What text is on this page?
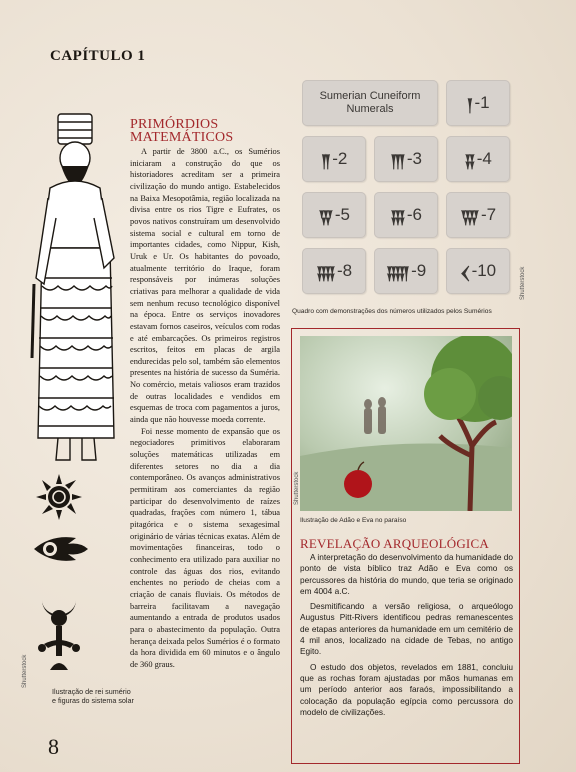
CAPÍTULO 1
Shutterstock
Ilustração de rei sumério e figuras do sistema solar
8
PRIMÓRDIOS
MATEMÁTICOS

A partir de 3800 a.C., os Sumérios iniciaram a construção do que os historiadores acreditam ser a primeira civilização do mundo antigo. Estabelecidos na Baixa Mesopotâmia, região localizada na divisa entre os rios Tigre e Eufrates, os povos nativos construíram um desenvolvido sistema social e cultural em torno de importantes cidades, como Nippur, Kish, Uruk e Ur. Os habitantes do povoado, atualmente território do Iraque, foram responsáveis por inúmeras soluções criativas para melhorar a qualidade de vida sem nenhum recuso tecnológico disponível na época. Entre os serviços inovadores estavam fornos caseiros, veículos com rodas e até embarcações. Os primeiros registros escritos, feitos em placas de argila endurecidas pelo sol, também são elementos presentes na história de sucesso da Suméria. No comércio, metais valiosos eram trazidos de outras localidades e vendidos em esquemas de troca com pagamentos a juros, ainda que não houvesse moeda corrente.

Foi nesse momento de expansão que os negociadores primitivos elaboraram soluções matemáticas utilizadas em diferentes setores no dia a dia contemporâneo. Os avanços administrativos permitiram aos comerciantes da região participar do desenvolvimento de raízes quadradas, frações com número 1, tábua pitagórica e o sistema sexagesimal originário de várias técnicas exatas. Além de movimentações financeiras, todo o conhecimento era utilizado para auxiliar no controle das águas dos rios, evitando enchentes no período de cheias com a criação de canais fluviais. Os métodos de barreira facilitavam a navegação aumentando a entrada de produtos usados para o abastecimento da população. Outra herança deixada pelos Sumérios é o formato da hora dividida em 60 minutos e o ângulo de 360 graus.

Sumerian Cuneiform
Numerals	𒁹 -1
𒈫 -2	𒐈 -3 𒐉 -4
𒐊 -5 𒐋 -6 𒐌 -7
𒐍 -8 𒐎 -9 𒌋 -10	Shutterstock
Quadro com demonstrações dos números utilizados pelos Sumérios
Shutterstock
Ilustração de Adão e Eva no paraíso
REVELAÇÃO ARQUEOLÓGICA

A interpretação do desenvolvimento da humanidade do ponto de vista bíblico traz Adão e Eva como os percussores da história do mundo, que teria se originado em 4004 a.C.

Desmitificando a versão religiosa, o arqueólogo Augustus Pitt-Rivers identificou pedras remanescentes de etapas anteriores da humanidade em um cemitério de 4 mil anos, localizado na cidade de Tebas, no antigo Egito.

O estudo dos objetos, revelados em 1881, concluiu que as rochas foram ajustadas por mãos humanas em um período anterior aos faraós, impossibilitando a colocação da população egípcia como percussora do modelo de civilizações.
